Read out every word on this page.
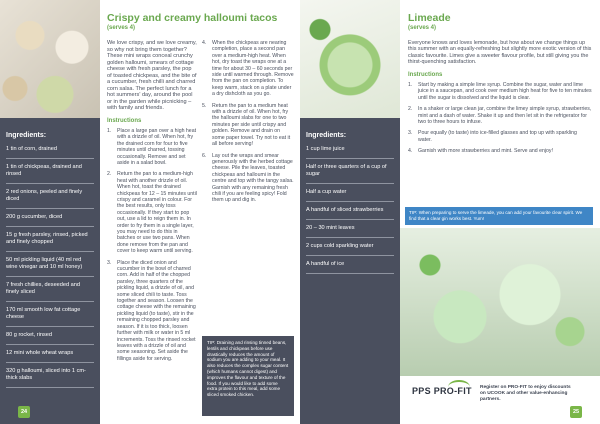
Ingredients:
1 tin of corn, drained
1 tin of chickpeas, drained and rinsed
2 red onions, peeled and finely diced
200 g cucumber, diced
15 g fresh parsley, rinsed, picked and finely chopped
50 ml pickling liquid (40 ml red wine vinegar and 10 ml honey)
7 fresh chillies, deseeded and finely sliced
170 ml smooth low fat cottage cheese
80 g rocket, rinsed
12 mini whole wheat wraps
320 g halloumi, sliced into 1 cm-thick slabs
24
Crispy and creamy halloumi tacos
(serves 4)

We love crispy, and we love creamy, so why not bring them together? These mini wraps conceal crunchy golden halloumi, smears of cottage cheese with fresh parsley, the pop of toasted chickpeas, and the bite of a cucumber, fresh chilli and charred corn salsa. The perfect lunch for a hot summers' day, around the pool or in the garden while picnicking – with family and friends.

Instructions
1. Place a large pan over a high heat with a drizzle of oil. When hot, fry the drained corn for four to five minutes until charred, tossing occasionally. Remove and set aside in a salad bowl.
2. Return the pan to a medium-high heat with another drizzle of oil. When hot, toast the drained chickpeas for 12 – 15 minutes until crispy and caramel in colour. For the best results, only toss occasionally. If they start to pop out, use a lid to reign them in. In order to fry them in a single layer, you may need to do this in batches or use two pans. When done remove from the pan and cover to keep warm until serving.
3. Place the diced onion and cucumber in the bowl of charred corn. Add in half of the chopped parsley, three quarters of the pickling liquid, a drizzle of oil, and some sliced chili to taste. Toss together and season. Loosen the cottage cheese with the remaining pickling liquid (to taste), stir in the remaining chopped parsley and season. If it is too thick, loosen further with milk or water in 5 ml increments. Toss the rinsed rocket leaves with a drizzle of oil and some seasoning. Set aside the fillings aside for serving.
4. When the chickpeas are nearing completion, place a second pan over a medium-high heat. When hot, dry toast the wraps one at a time for about 30 – 60 seconds per side until warmed through. Remove from the pan on completion. To keep warm, stack on a plate under a dry dishcloth as you go.
5. Return the pan to a medium heat with a drizzle of oil. When hot, fry the halloumi slabs for one to two minutes per side until crispy and golden. Remove and drain on some paper towel. Try not to eat it all before serving!
6. Lay out the wraps and smear generously with the herbed cottage cheese. Pile the leaves, toasted chickpeas and halloumi in the centre and top with the tangy salsa. Garnish with any remaining fresh chili if you are feeling spicy! Fold them up and dig in.
TIP: Draining and rinsing tinned beans, lentils and chickpeas before use drastically reduces the amount of sodium you are adding to your meal. It also reduces the complex sugar content (which humans cannot digest) and improves the flavour and texture of the food. If you would like to add some extra protein to this meal, add some sliced smoked chicken.
Ingredients:
1 cup lime juice
Half or three quarters of a cup of sugar
Half a cup water
A handful of sliced strawberries
20 – 30 mint leaves
2 cups cold sparkling water
A handful of ice
Limeade
(serves 4)

Everyone knows and loves lemonade, but how about we change things up this summer with an equally-refreshing but slightly more exotic version of this classic favourite. Limes give a sweeter flavour profile, but still giving you the thirst-quenching satisfaction.

Instructions
1. Start by making a simple lime syrup. Combine the sugar, water and lime juice in a saucepan, and cook over medium high heat for five to ten minutes until the sugar is dissolved and the liquid is clear.
2. In a shaker or large clean jar, combine the limey simple syrup, strawberries, mint and a dash of water. Shake it up and then let sit in the refrigerator for two to three hours to infuse.
3. Pour equally (to taste) into ice-filled glasses and top up with sparkling water.
4. Garnish with more strawberries and mint. Serve and enjoy!
TIP: When preparing to serve the limeade, you can add your favourite clear spirit. We find that a clear gin works best. Yum!
PPS PRO-FIT Register on PRO-FIT to enjoy discounts on UCOOK and other value-enhancing partners.
25
